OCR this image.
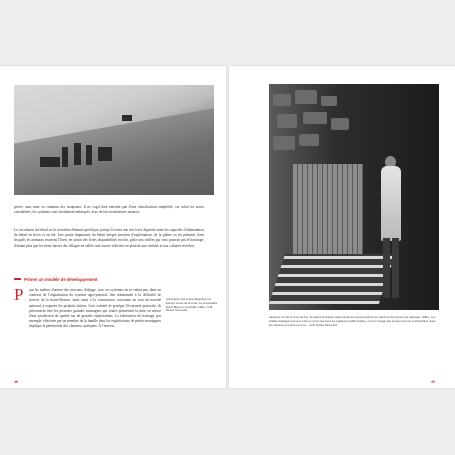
privés, sans mise en commun des troupeaux. Il ne s'agit bien entendu que d'une classification simplifiée, car selon les zones considérées, les systèmes sont étroitement imbriqués, avec de très nombreuses nuances.
La circulation du bétail est le troisième élément spécifique, puisqu'il existe une très forte disparité entre les capacités d'alimentation du bétail en hiver et en été. Une partie importante du bétail intègre provient d'exploitations de la plaine ou du piémont, dans lesquels les animaux resteront l'hiver, en raison des fortes disponibilités en foin, grâce aux vallées qui ceux pourrait pas le bourrage, d'autant plus que les terres basses des villages en vallée sont encore affectées en priorité aux céréales et aux cultures vivrières.
Prôner un modèle de développement
P	our les maîtres d'œuvre des concours d'alpage, tous ces systèmes ne se valent pas, dans un contexte de l'organisation du système agro-pastoral, lien notamment à la difficulté de trouver de la main-d'œuvre, mais aussi à la concurrence croissante au sein du marché national, à exporter les produits laitiers. Leur volonté de protéger l'économie pastorale, ils préconisent tirer les premiers grandes montagnes qui seules permettent la mise en œuvre d'une production de qualité sur de grandes exploitations. La fabrication du fromage, par exemple, effectuée par un membre de la famille dans les exploitations de petites montagnes implique la pénétration des «bonnes» pratiques. À l'inverse,
«Montagne des Aropa (Beaufort) sur Ecrivez venus de la Croix. La propriétaire Emile Blanc et sa famille, 1920.» Coll. Musée Savoyard.
48
«Essai le Col de la Croix de Fer, du pâturé Fracastel: placements de bouses séchant au soleil sur des bornes de pâturage, 1936». Les étables d'alpage sont pour l'été en communs avec les pratiques traditionnelles, comme l'usage des bouses comme combustibles, dans les cabanes en pierres sur les... Coll. Musée Savoyard.
49
